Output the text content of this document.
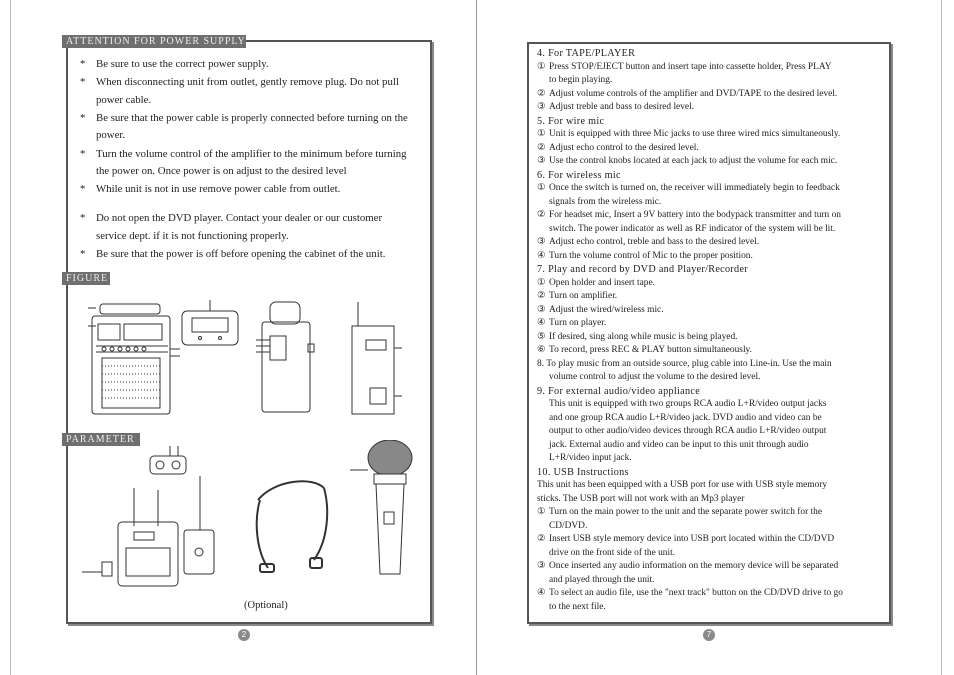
ATTENTION FOR POWER SUPPLY
* Be sure to use the correct power supply.
* When disconnecting unit from outlet, gently remove plug. Do not pull
power cable.
* Be sure that the power cable is properly connected before turning on the
power.
* Turn the volume control of the amplifier to the minimum before turning
the power on. Once power is on adjust to the desired level
* While unit is not in use remove power cable from outlet.
* Do not open the DVD player. Contact your dealer or our customer
service dept. if it is not functioning properly.
* Be sure that the power is off before opening the cabinet of the unit.
FIGURE
PARAMETER
(Optional)
2
4. For TAPE/PLAYER
① Press STOP/EJECT button and insert tape into cassette holder, Press PLAY
to begin playing.
② Adjust volume controls of the amplifier and DVD/TAPE to the desired level.
③ Adjust treble and bass to desired level.
5. For wire mic
① Unit is equipped with three Mic jacks to use three wired mics simultaneously.
② Adjust echo control to the desired level.
③ Use the control knobs located at each jack to adjust the volume for each mic.
6. For wireless mic
① Once the switch is turned on, the receiver will immediately begin to feedback
signals from the wireless mic.
② For headset mic, Insert a 9V battery into the bodypack transmitter and turn on
switch. The power indicator as well as RF indicator of the system will be lit.
③ Adjust echo control, treble and bass to the desired level.
④ Turn the volume control of Mic to the proper position.
7. Play and record by DVD and Player/Recorder
① Open holder and insert tape.
② Turn on amplifier.
③ Adjust the wired/wireless mic.
④ Turn on player.
⑤ If desired, sing along while music is being played.
⑥ To record, press REC & PLAY button simultaneously.
8. To play music from an outside source, plug cable into Line-in. Use the main
volume control to adjust the volume to the desired level.
9. For external audio/video appliance
This unit is equipped with two groups RCA audio L+R/video output jacks
and one group RCA audio L+R/video jack. DVD audio and video can be
output to other audio/video devices through RCA audio L+R/video output
jack. External audio and video can be input to this unit through audio
L+R/video input jack.
10. USB Instructions
This unit has been equipped with a USB port for use with USB style memory
sticks. The USB port will not work with an Mp3 player
① Turn on the main power to the unit and the separate power switch for the
CD/DVD.
② Insert USB style memory device into USB port located within the CD/DVD
drive on the front side of the unit.
③ Once inserted any audio information on the memory device will be separated
and played through the unit.
④ To select an audio file, use the "next track" button on the CD/DVD drive to go
to the next file.
7
